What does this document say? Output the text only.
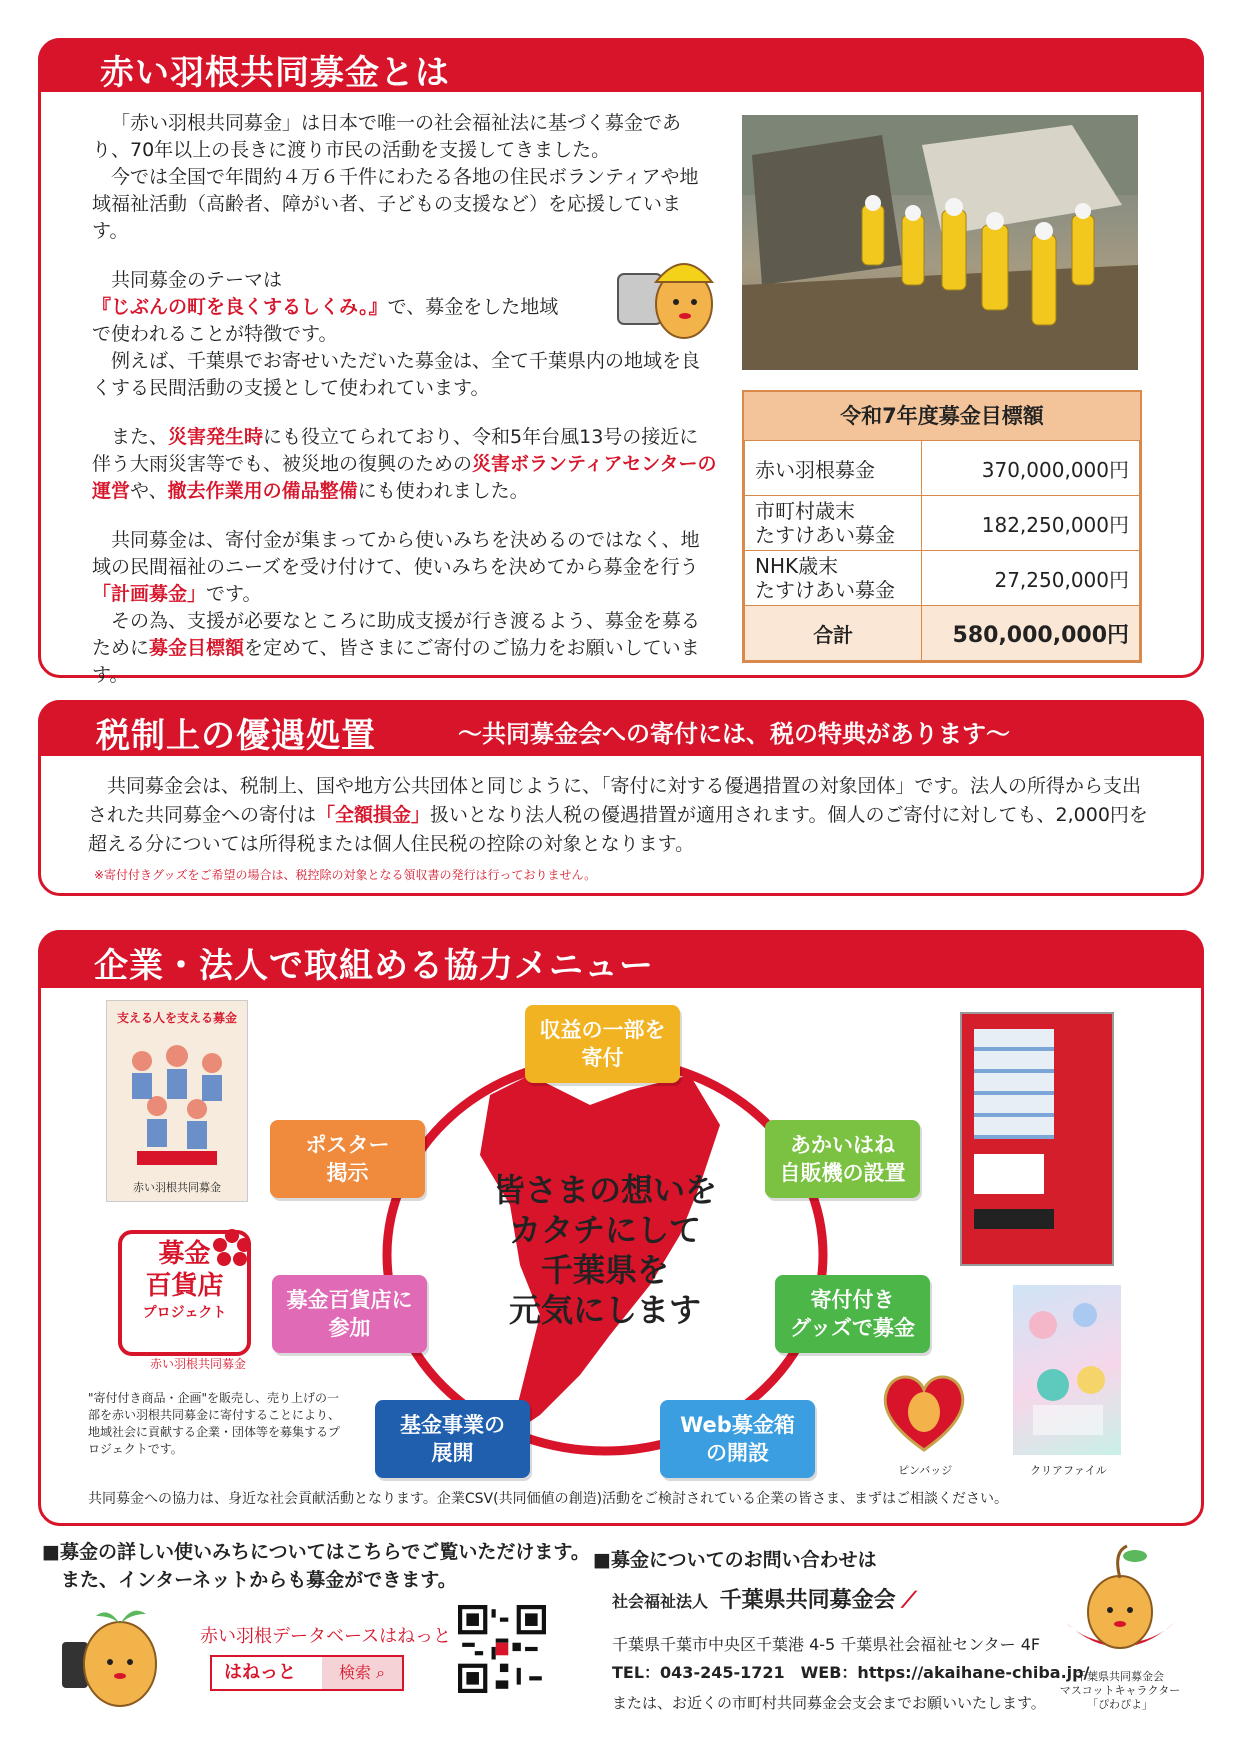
赤い羽根共同募金とは
「赤い羽根共同募金」は日本で唯一の社会福祉法に基づく募金であり、70年以上の長きに渡り市民の活動を支援してきました。
今では全国で年間約４万６千件にわたる各地の住民ボランティアや地域福祉活動（高齢者、障がい者、子どもの支援など）を応援しています。
共同募金のテーマは『じぶんの町を良くするしくみ。』で、募金をした地域で使われることが特徴です。
例えば、千葉県でお寄せいただいた募金は、全て千葉県内の地域を良くする民間活動の支援として使われています。
また、災害発生時にも役立てられており、令和5年台風13号の接近に伴う大雨災害等でも、被災地の復興のための災害ボランティアセンターの運営や、撤去作業用の備品整備にも使われました。
共同募金は、寄付金が集まってから使いみちを決めるのではなく、地域の民間福祉のニーズを受け付けて、使いみちを決めてから募金を行う「計画募金」です。
その為、支援が必要なところに助成支援が行き渡るよう、募金を募るために募金目標額を定めて、皆さまにご寄付のご協力をお願いしています。
令和7年度募金目標額
赤い羽根募金	370,000,000円
市町村歳末
たすけあい募金	182,250,000円
NHK歳末
たすけあい募金	27,250,000円
合計	580,000,000円
税制上の優遇処置	～共同募金会への寄付には、税の特典があります～
共同募金会は、税制上、国や地方公共団体と同じように、「寄付に対する優遇措置の対象団体」です。法人の所得から支出された共同募金への寄付は「全額損金」扱いとなり法人税の優遇措置が適用されます。個人のご寄付に対しても、2,000円を超える分については所得税または個人住民税の控除の対象となります。
※寄付付きグッズをご希望の場合は、税控除の対象となる領収書の発行は行っておりません。
企業・法人で取組める協力メニュー
皆さまの想いを
カタチにして
千葉県を
元気にします
収益の一部を
寄付
あかいはね
自販機の設置
寄付付き
グッズで募金
Web募金箱
の開設
基金事業の
展開
募金百貨店に
参加
ポスター
掲示
支える人を支える募金
赤い羽根共同募金
募金
百貨店
プロジェクト
赤い羽根共同募金
"寄付付き商品・企画"を販売し、売り上げの一部を赤い羽根共同募金に寄付することにより、地域社会に貢献する企業・団体等を募集するプロジェクトです。
ピンバッジ	クリアファイル
共同募金への協力は、身近な社会貢献活動となります。企業CSV(共同価値の創造)活動をご検討されている企業の皆さま、まずはご相談ください。
■募金の詳しい使いみちについてはこちらでご覧いただけます。
　また、インターネットからも募金ができます。
赤い羽根データベースはねっと
はねっと	検索 ⌕
■募金についてのお問い合わせは
社会福祉法人 千葉県共同募金会 ⟋
千葉県千葉市中央区千葉港 4-5 千葉県社会福祉センター 4F
TEL：043-245-1721　WEB：https://akaihane-chiba.jp/
または、お近くの市町村共同募金会支会までお願いいたします。
千葉県共同募金会
マスコットキャラクター
「ぴわぴよ」
